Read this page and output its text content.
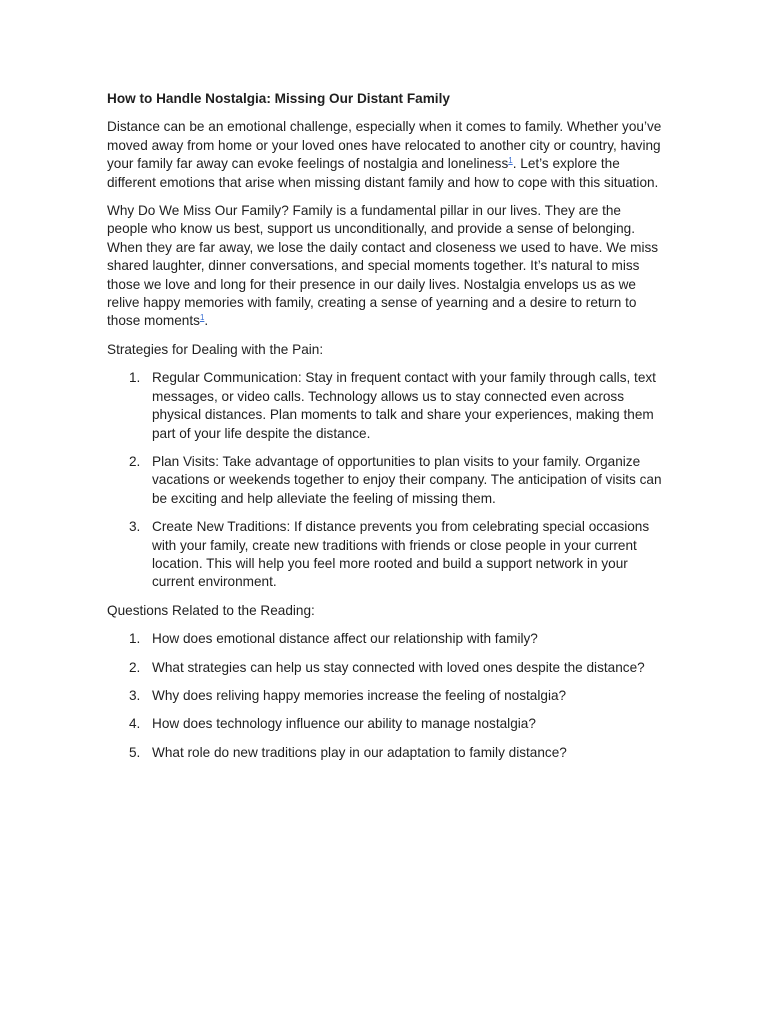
How to Handle Nostalgia: Missing Our Distant Family

Distance can be an emotional challenge, especially when it comes to family. Whether you’ve moved away from home or your loved ones have relocated to another city or country, having your family far away can evoke feelings of nostalgia and loneliness$^1$. Let’s explore the different emotions that arise when missing distant family and how to cope with this situation.

Why Do We Miss Our Family? Family is a fundamental pillar in our lives. They are the people who know us best, support us unconditionally, and provide a sense of belonging. When they are far away, we lose the daily contact and closeness we used to have. We miss shared laughter, dinner conversations, and special moments together. It’s natural to miss those we love and long for their presence in our daily lives. Nostalgia envelops us as we relive happy memories with family, creating a sense of yearning and a desire to return to those moments$^1$.

Strategies for Dealing with the Pain:

1. Regular Communication: Stay in frequent contact with your family through calls, text messages, or video calls. Technology allows us to stay connected even across physical distances. Plan moments to talk and share your experiences, making them part of your life despite the distance.
2. Plan Visits: Take advantage of opportunities to plan visits to your family. Organize vacations or weekends together to enjoy their company. The anticipation of visits can be exciting and help alleviate the feeling of missing them.
3. Create New Traditions: If distance prevents you from celebrating special occasions with your family, create new traditions with friends or close people in your current location. This will help you feel more rooted and build a support network in your current environment.

Questions Related to the Reading:

1. How does emotional distance affect our relationship with family?
2. What strategies can help us stay connected with loved ones despite the distance?
3. Why does reliving happy memories increase the feeling of nostalgia?
4. How does technology influence our ability to manage nostalgia?
5. What role do new traditions play in our adaptation to family distance?
